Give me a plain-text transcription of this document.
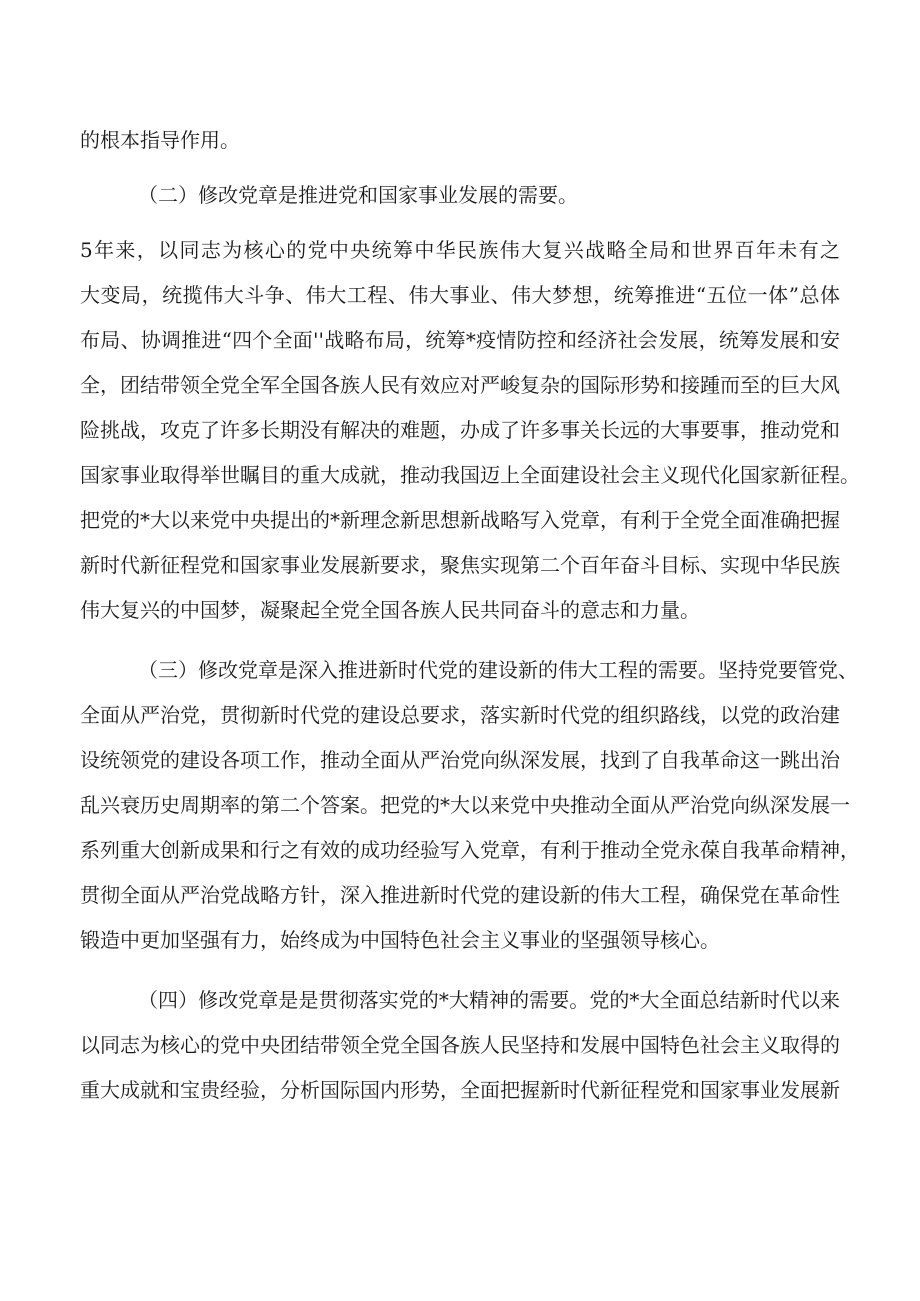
的根本指导作用。
（二）修改党章是推进党和国家事业发展的需要。
5年来，以同志为核心的党中央统筹中华民族伟大复兴战略全局和世界百年未有之
大变局，统揽伟大斗争、伟大工程、伟大事业、伟大梦想，统筹推进“五位一体”总体
布局、协调推进“四个全面''战略布局，统筹*疫情防控和经济社会发展，统筹发展和安
全，团结带领全党全军全国各族人民有效应对严峻复杂的国际形势和接踵而至的巨大风
险挑战，攻克了许多长期没有解决的难题，办成了许多事关长远的大事要事，推动党和
国家事业取得举世瞩目的重大成就，推动我国迈上全面建设社会主义现代化国家新征程。
把党的*大以来党中央提出的*新理念新思想新战略写入党章，有利于全党全面准确把握
新时代新征程党和国家事业发展新要求，聚焦实现第二个百年奋斗目标、实现中华民族
伟大复兴的中国梦，凝聚起全党全国各族人民共同奋斗的意志和力量。
（三）修改党章是深入推进新时代党的建设新的伟大工程的需要。坚持党要管党、
全面从严治党，贯彻新时代党的建设总要求，落实新时代党的组织路线，以党的政治建
设统领党的建设各项工作，推动全面从严治党向纵深发展，找到了自我革命这一跳出治
乱兴衰历史周期率的第二个答案。把党的*大以来党中央推动全面从严治党向纵深发展一
系列重大创新成果和行之有效的成功经验写入党章，有利于推动全党永葆自我革命精神，
贯彻全面从严治党战略方针，深入推进新时代党的建设新的伟大工程，确保党在革命性
锻造中更加坚强有力，始终成为中国特色社会主义事业的坚强领导核心。
（四）修改党章是是贯彻落实党的*大精神的需要。党的*大全面总结新时代以来
以同志为核心的党中央团结带领全党全国各族人民坚持和发展中国特色社会主义取得的
重大成就和宝贵经验，分析国际国内形势，全面把握新时代新征程党和国家事业发展新
